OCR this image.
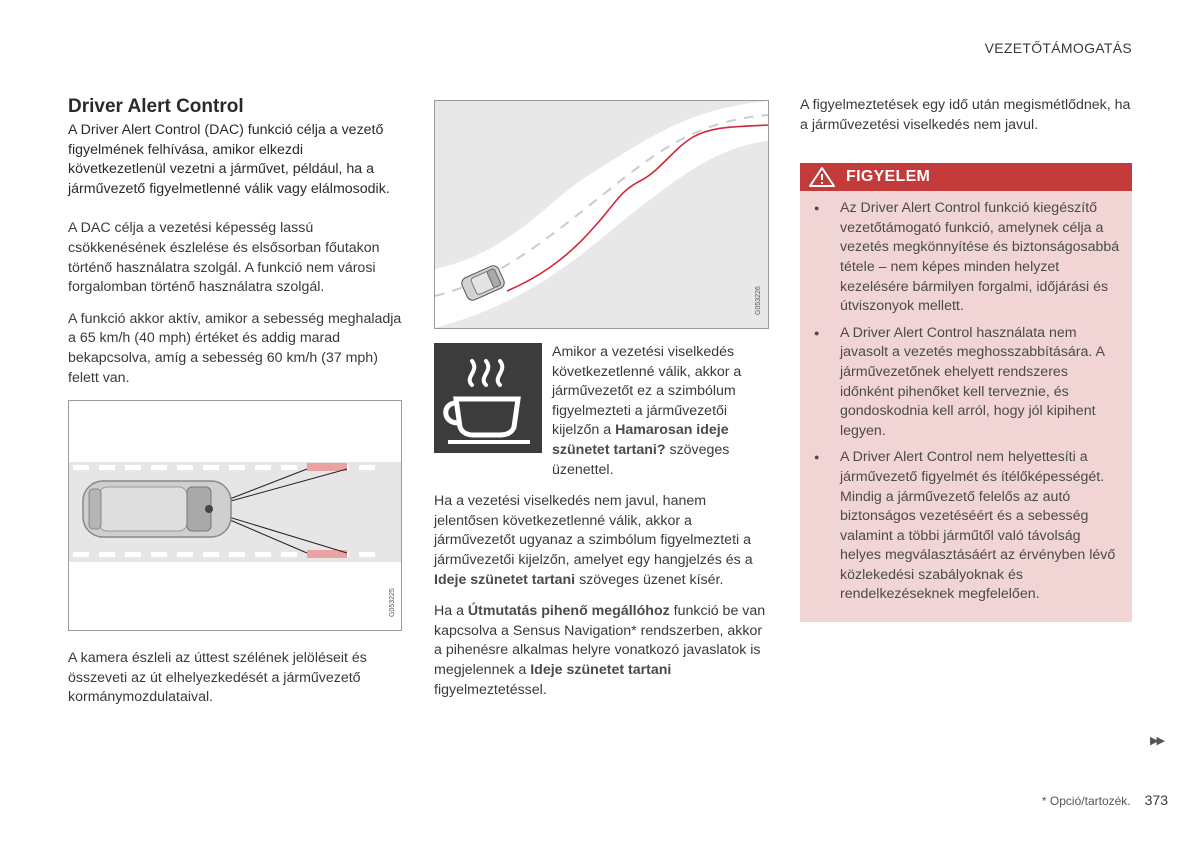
VEZETŐTÁMOGATÁS
Driver Alert Control

A Driver Alert Control (DAC) funkció célja a vezető figyelmének felhívása, amikor elkezdi következetlenül vezetni a járművet, például, ha a járművezető figyelmetlenné válik vagy elálmosodik.

A DAC célja a vezetési képesség lassú csökkenésének észlelése és elsősorban főutakon történő használatra szolgál. A funkció nem városi forgalomban történő használatra szolgál.

A funkció akkor aktív, amikor a sebesség meghaladja a 65 km/h (40 mph) értéket és addig marad bekapcsolva, amíg a sebesség 60 km/h (37 mph) felett van.

G053225

A kamera észleli az úttest szélének jelöléseit és összeveti az út elhelyezkedését a járművezető kormánymozdulataival.

G053226
Amikor a vezetési viselkedés következetlenné válik, akkor a járművezetőt ez a szimbólum figyelmezteti a járművezetői kijelzőn a Hamarosan ideje szünetet tartani? szöveges üzenettel.

Ha a vezetési viselkedés nem javul, hanem jelentősen következetlenné válik, akkor a járművezetőt ugyanaz a szimbólum figyelmezteti a járművezetői kijelzőn, amelyet egy hangjelzés és a Ideje szünetet tartani szöveges üzenet kísér.

Ha a Útmutatás pihenő megállóhoz funkció be van kapcsolva a Sensus Navigation* rendszerben, akkor a pihenésre alkalmas helyre vonatkozó javaslatok is megjelennek a Ideje szünetet tartani figyelmeztetéssel.

A figyelmeztetések egy idő után megismétlődnek, ha a járművezetési viselkedés nem javul.

FIGYELEM
● Az Driver Alert Control funkció kiegészítő vezetőtámogató funkció, amelynek célja a vezetés megkönnyítése és biztonságosabbá tétele – nem képes minden helyzet kezelésére bármilyen forgalmi, időjárási és útviszonyok mellett.
● A Driver Alert Control használata nem javasolt a vezetés meghosszabbítására. A járművezetőnek ehelyett rendszeres időnként pihenőket kell terveznie, és gondoskodnia kell arról, hogy jól kipihent legyen.
● A Driver Alert Control nem helyettesíti a járművezető figyelmét és ítélőképességét. Mindig a járművezető felelős az autó biztonságos vezetéséért és a sebesség valamint a többi járműtől való távolság helyes megválasztásáért az érvényben lévő közlekedési szabályoknak és rendelkezéseknek megfelelően.
▶▶
* Opció/tartozék. 373
